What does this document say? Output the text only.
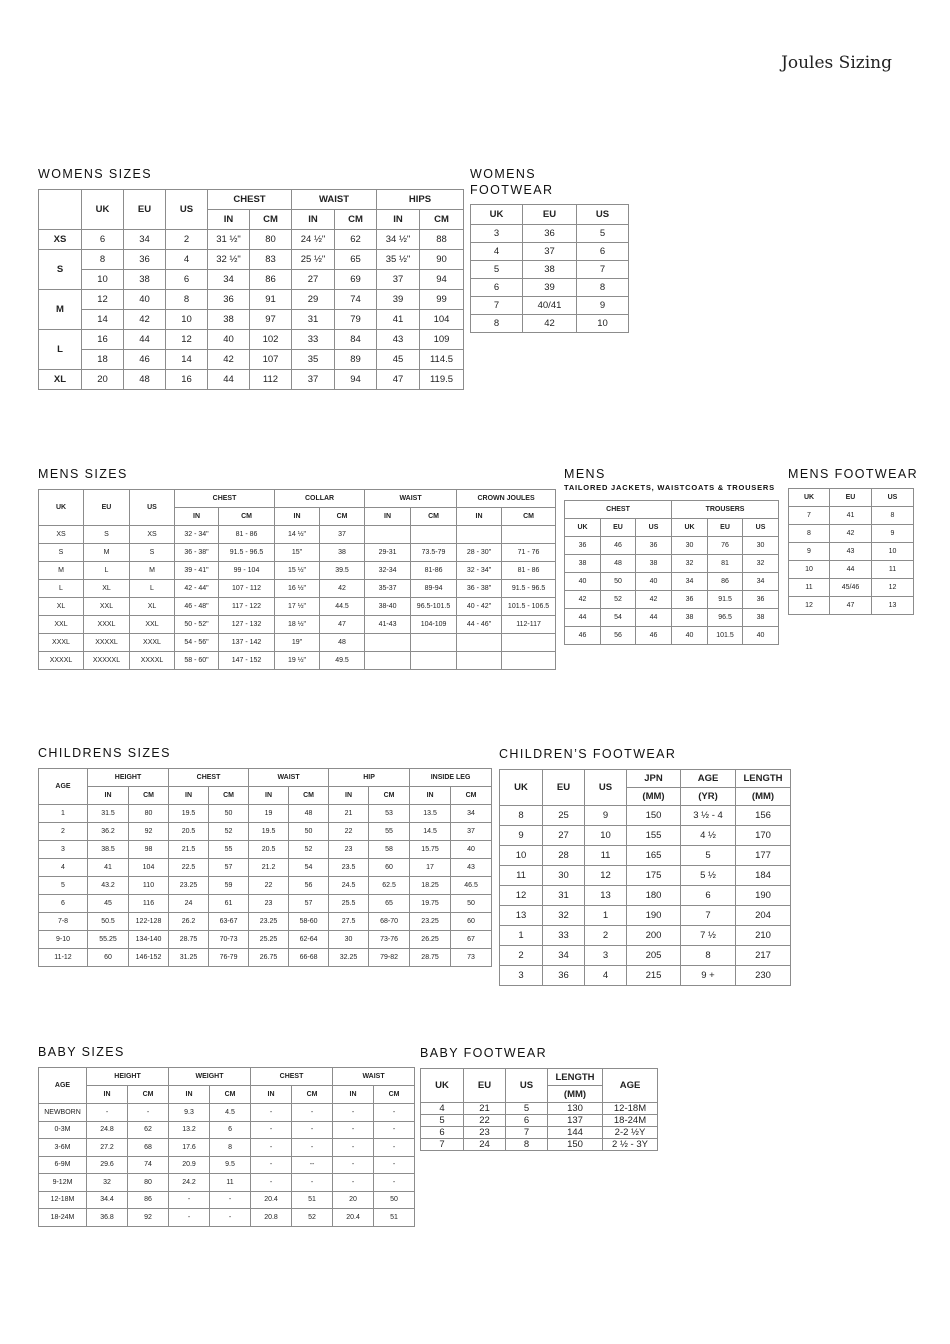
Joules Sizing
WOMENS SIZES
	UK	EU	US	CHEST		WAIST		HIPS	
				IN	CM	IN	CM	IN	CM
XS	6	34	2	31 ½"	80	24 ½"	62	34 ½"	88
S	8	36	4	32 ½"	83	25 ½"	65	35 ½"	90
	10	38	6	34	86	27	69	37	94
M	12	40	8	36	91	29	74	39	99
	14	42	10	38	97	31	79	41	104
L	16	44	12	40	102	33	84	43	109
	18	46	14	42	107	35	89	45	114.5
XL	20	48	16	44	112	37	94	47	119.5
WOMENS
FOOTWEAR
UK	EU	US
3	36	5
4	37	6
5	38	7
6	39	8
7	40/41	9
8	42	10
MENS SIZES
UK	EU	US	CHEST		COLLAR		WAIST		CROWN JOULES	
			IN	CM	IN	CM	IN	CM	IN	CM
XS	S	XS	32 - 34"	81 - 86	14 ½"	37				
S	M	S	36 - 38"	91.5 - 96.5	15"	38	29-31	73.5-79	28 - 30"	71 - 76
M	L	M	39 - 41"	99 - 104	15 ½"	39.5	32-34	81-86	32 - 34"	81 - 86
L	XL	L	42 - 44"	107 - 112	16 ½"	42	35-37	89-94	36 - 38"	91.5 - 96.5
XL	XXL	XL	46 - 48"	117 - 122	17 ½"	44.5	38-40	96.5-101.5	40 - 42"	101.5 - 106.5
XXL	XXXL	XXL	50 - 52"	127 - 132	18 ½"	47	41-43	104-109	44 - 46"	112-117
XXXL	XXXXL	XXXL	54 - 56"	137 - 142	19"	48				
XXXXL	XXXXXL	XXXXL	58 - 60"	147 - 152	19 ½"	49.5				
MENS
TAILORED JACKETS, WAISTCOATS & TROUSERS
CHEST			TROUSERS		
UK	EU	US	UK	EU	US
36	46	36	30	76	30
38	48	38	32	81	32
40	50	40	34	86	34
42	52	42	36	91.5	36
44	54	44	38	96.5	38
46	56	46	40	101.5	40
MENS FOOTWEAR
UK	EU	US
7	41	8
8	42	9
9	43	10
10	44	11
11	45/46	12
12	47	13
CHILDRENS SIZES
AGE	HEIGHT		CHEST		WAIST		HIP		INSIDE LEG	
	IN	CM	IN	CM	IN	CM	IN	CM	IN	CM
1	31.5	80	19.5	50	19	48	21	53	13.5	34
2	36.2	92	20.5	52	19.5	50	22	55	14.5	37
3	38.5	98	21.5	55	20.5	52	23	58	15.75	40
4	41	104	22.5	57	21.2	54	23.5	60	17	43
5	43.2	110	23.25	59	22	56	24.5	62.5	18.25	46.5
6	45	116	24	61	23	57	25.5	65	19.75	50
7-8	50.5	122-128	26.2	63-67	23.25	58-60	27.5	68-70	23.25	60
9-10	55.25	134-140	28.75	70-73	25.25	62-64	30	73-76	26.25	67
11-12	60	146-152	31.25	76-79	26.75	66-68	32.25	79-82	28.75	73
CHILDREN’S FOOTWEAR
UK	EU	US	JPN	AGE	LENGTH
			(MM)	(YR)	(MM)
8	25	9	150	3 ½ - 4	156
9	27	10	155	4 ½	170
10	28	11	165	5	177
11	30	12	175	5 ½	184
12	31	13	180	6	190
13	32	1	190	7	204
1	33	2	200	7 ½	210
2	34	3	205	8	217
3	36	4	215	9 +	230
BABY SIZES
AGE	HEIGHT		WEIGHT		CHEST		WAIST	
	IN	CM	IN	CM	IN	CM	IN	CM
NEWBORN	-	-	9.3	4.5	-	-	-	-
0-3M	24.8	62	13.2	6	-	-	-	-
3-6M	27.2	68	17.6	8	-	-	-	-
6-9M	29.6	74	20.9	9.5	-	--	-	-
9-12M	32	80	24.2	11	-	-	-	-
12-18M	34.4	86	-	-	20.4	51	20	50
18-24M	36.8	92	-	-	20.8	52	20.4	51
BABY FOOTWEAR
UK	EU	US	LENGTH	AGE
			(MM)	
4	21	5	130	12-18M
5	22	6	137	18-24M
6	23	7	144	2-2 ½Y
7	24	8	150	2 ½ - 3Y
